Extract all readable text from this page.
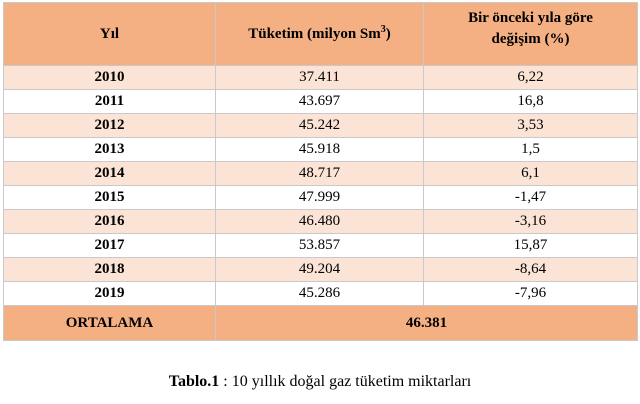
Yıl	Tüketim (milyon Sm$^3$)	Bir önceki yıla göre
değişim (%)
2010	37.411	6,22
2011	43.697	16,8
2012	45.242	3,53
2013	45.918	1,5
2014	48.717	6,1
2015	47.999	-1,47
2016	46.480	-3,16
2017	53.857	15,87
2018	49.204	-8,64
2019	45.286	-7,96
ORTALAMA	46.381	
Tablo.1 : 10 yıllık doğal gaz tüketim miktarları
